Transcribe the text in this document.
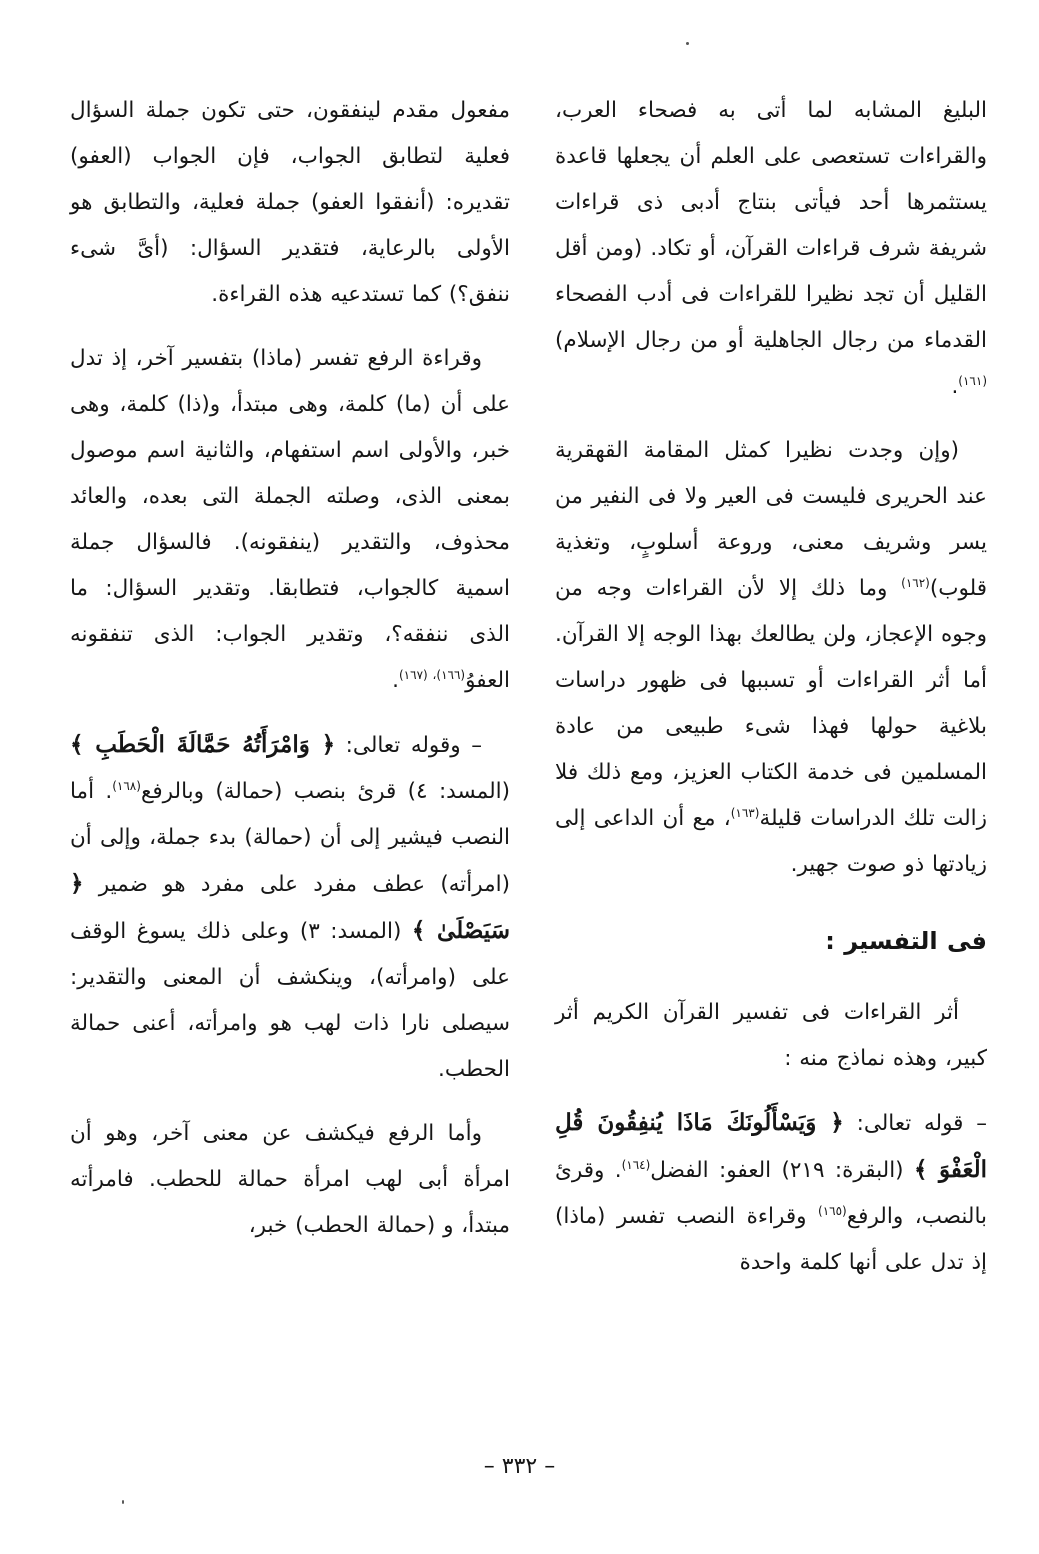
البليغ المشابه لما أتى به فصحاء العرب، والقراءات تستعصى على العلم أن يجعلها قاعدة يستثمرها أحد فيأتى بنتاج أدبى ذى قراءات شريفة شرف قراءات القرآن، أو تكاد. (ومن أقل القليل أن تجد نظيرا للقراءات فى أدب الفصحاء القدماء من رجال الجاهلية أو من رجال الإسلام)$^{(١٦١)}$.

(وإن وجدت نظيرا كمثل المقامة القهقرية عند الحريرى فليست فى العير ولا فى النفير من يسر وشريف معنى، وروعة أسلوبٍ، وتغذية قلوب)$^{(١٦٢)}$ وما ذلك إلا لأن القراءات وجه من وجوه الإعجاز، ولن يطالعك بهذا الوجه إلا القرآن. أما أثر القراءات أو تسببها فى ظهور دراسات بلاغية حولها فهذا شىء طبيعى من عادة المسلمين فى خدمة الكتاب العزيز، ومع ذلك فلا زالت تلك الدراسات قليلة$^{(١٦٣)}$، مع أن الداعى إلى زيادتها ذو صوت جهير.

فى التفسير :

أثر القراءات فى تفسير القرآن الكريم أثر كبير، وهذه نماذج منه :

– قوله تعالى: ﴿ وَيَسْأَلُونَكَ مَاذَا يُنفِقُونَ قُلِ الْعَفْوَ ﴾ (البقرة: ٢١٩) العفو: الفضل$^{(١٦٤)}$. وقرئ بالنصب، والرفع$^{(١٦٥)}$ وقراءة النصب تفسر (ماذا) إذ تدل على أنها كلمة واحدة

مفعول مقدم لينفقون، حتى تكون جملة السؤال فعلية لتطابق الجواب، فإن الجواب (العفو) تقديره: (أنفقوا العفو) جملة فعلية، والتطابق هو الأولى بالرعاية، فتقدير السؤال: (أىَّ شىء ننفق؟) كما تستدعيه هذه القراءة.

وقراءة الرفع تفسر (ماذا) بتفسير آخر، إذ تدل على أن (ما) كلمة، وهى مبتدأ، و(ذا) كلمة، وهى خبر، والأولى اسم استفهام، والثانية اسم موصول بمعنى الذى، وصلته الجملة التى بعده، والعائد محذوف، والتقدير (ينفقونه). فالسؤال جملة اسمية كالجواب، فتطابقا. وتقدير السؤال: ما الذى ننفقه؟، وتقدير الجواب: الذى تنفقونه العفوُ$^{(١٦٦)، (١٦٧)}$.

– وقوله تعالى: ﴿ وَامْرَأَتُهُ حَمَّالَةَ الْحَطَبِ ﴾ (المسد: ٤) قرئ بنصب (حمالة) وبالرفع$^{(١٦٨)}$. أما النصب فيشير إلى أن (حمالة) بدء جملة، وإلى أن (امرأته) عطف مفرد على مفرد هو ضمير ﴿ سَيَصْلَىٰ ﴾ (المسد: ٣) وعلى ذلك يسوغ الوقف على (وامرأته)، وينكشف أن المعنى والتقدير: سيصلى نارا ذات لهب هو وامرأته، أعنى حمالة الحطب.

وأما الرفع فيكشف عن معنى آخر، وهو أن امرأة أبى لهب امرأة حمالة للحطب. فامرأته مبتدأ، و (حمالة الحطب) خبر،

– ٣٣٢ –
